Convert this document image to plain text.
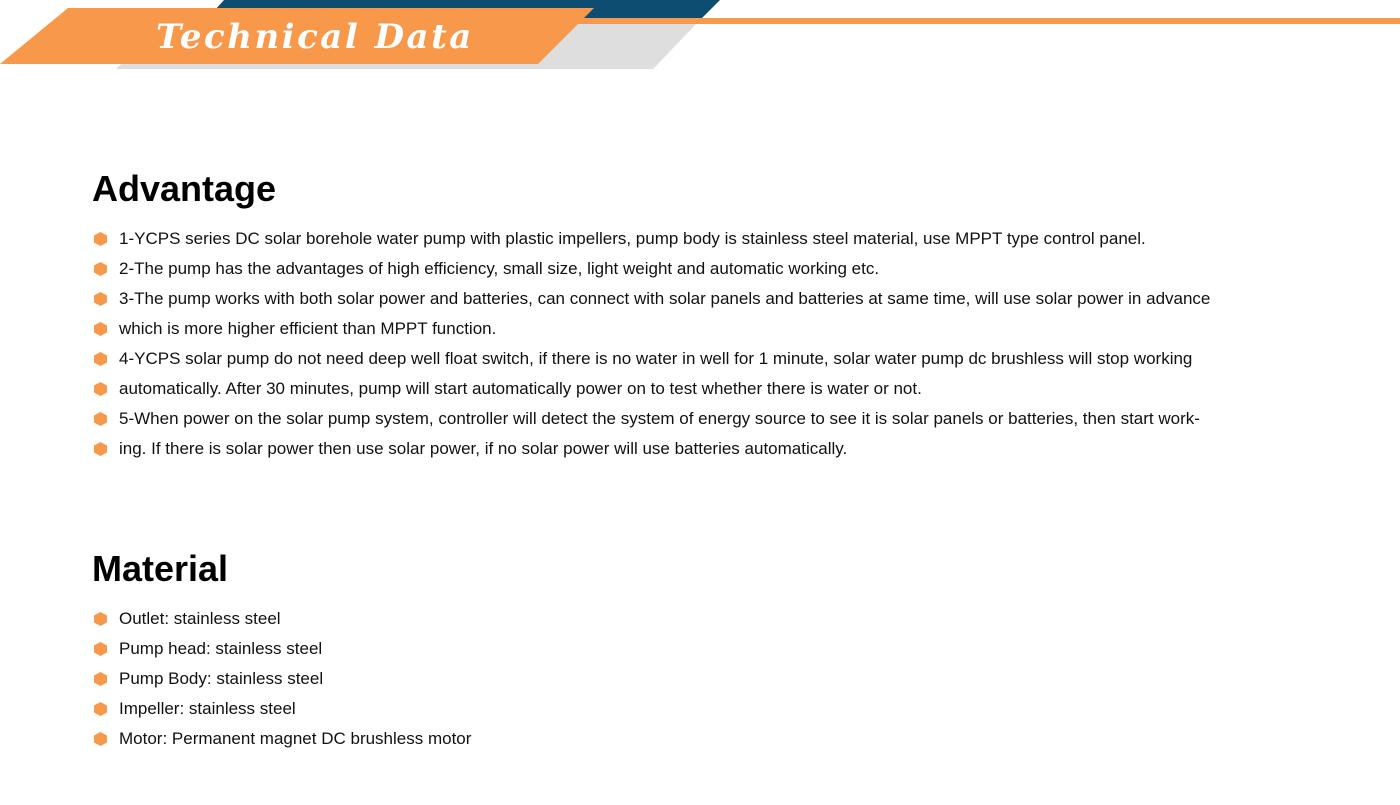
Technical Data
Advantage
1-YCPS series DC solar borehole water pump with plastic impellers, pump body is stainless steel material, use MPPT type control panel.
2-The pump has the advantages of high efficiency, small size, light weight and automatic working etc.
3-The pump works with both solar power and batteries, can connect with solar panels and batteries at same time, will use solar power in advance
which is more higher efficient than MPPT function.
4-YCPS solar pump do not need deep well float switch, if there is no water in well for 1 minute, solar water pump dc brushless will stop working
automatically. After 30 minutes, pump will start automatically power on to test whether there is water or not.
5-When power on the solar pump system, controller will detect the system of energy source to see it is solar panels or batteries, then start work-
ing. If there is solar power then use solar power, if no solar power will use batteries automatically.
Material
Outlet: stainless steel
Pump head: stainless steel
Pump Body: stainless steel
Impeller: stainless steel
Motor: Permanent magnet DC brushless motor
